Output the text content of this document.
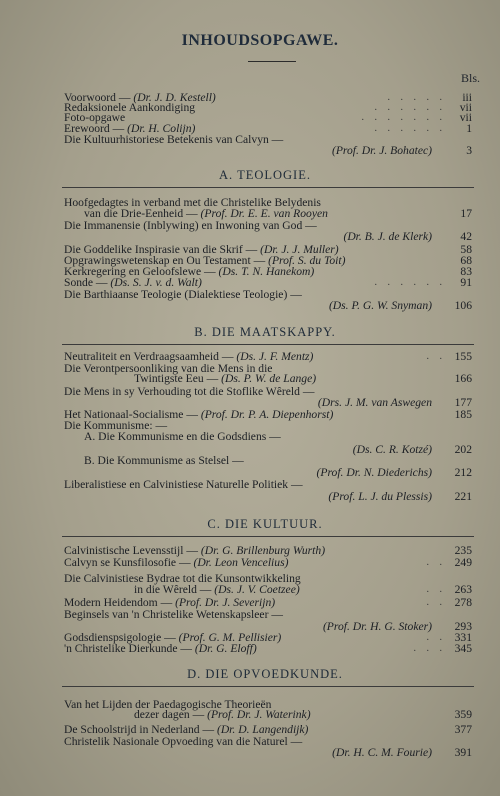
INHOUDSOPGAWE.
Bls.
Voorwoord — (Dr. J. D. Kestell)	. . . . .	iii
Redaksionele Aankondiging	. . . . . .	vii
Foto-opgawe	. . . . . . .	vii
Erewoord — (Dr. H. Colijn)	. . . . . .	1
Die Kultuurhistoriese Betekenis van Calvyn —
(Prof. Dr. J. Bohatec)	3
A. TEOLOGIE.
Hoofgedagtes in verband met die Christelike Belydenis
van die Drie-Eenheid — (Prof. Dr. E. E. van Rooyen	17
Die Immanensie (Inblywing) en Inwoning van God —
(Dr. B. J. de Klerk)	42
Die Goddelike Inspirasie van die Skrif — (Dr. J. J. Muller)	58
Opgrawingswetenskap en Ou Testament — (Prof. S. du Toit)	68
Kerkregering en Geloofslewe — (Ds. T. N. Hanekom)	83
Sonde — (Ds. S. J. v. d. Walt)	. . . . . .	91
Die Barthiaanse Teologie (Dialektiese Teologie) —
(Ds. P. G. W. Snyman)	106
B. DIE MAATSKAPPY.
Neutraliteit en Verdraagsaamheid — (Ds. J. F. Mentz)	. . 155
Die Verontpersoonliking van die Mens in die
Twintigste Eeu — (Ds. P. W. de Lange)	166
Die Mens in sy Verhouding tot die Stoflike Wêreld —
(Drs. J. M. van Aswegen	177
Het Nationaal-Socialisme — (Prof. Dr. P. A. Diepenhorst)	185
Die Kommunisme: —
A. Die Kommunisme en die Godsdiens —
(Ds. C. R. Kotzé)	202
B. Die Kommunisme as Stelsel —
(Prof. Dr. N. Diederichs)	212
Liberalistiese en Calvinistiese Naturelle Politiek —
(Prof. L. J. du Plessis)	221
C. DIE KULTUUR.
Calvinistische Levensstijl — (Dr. G. Brillenburg Wurth)	235
Calvyn se Kunsfilosofie — (Dr. Leon Vencelius)	. . 249
Die Calvinistiese Bydrae tot die Kunsontwikkeling
in die Wêreld — (Ds. J. V. Coetzee)	. . 263
Modern Heidendom — (Prof. Dr. J. Severijn)	. . 278
Beginsels van 'n Christelike Wetenskapsleer —
(Prof. Dr. H. G. Stoker)	293
Godsdienspsigologie — (Prof. G. M. Pellisier)	. . 331
'n Christelike Dierkunde — (Dr. G. Eloff)	. . . 345
D. DIE OPVOEDKUNDE.
Van het Lijden der Paedagogische Theorieën
dezer dagen — (Prof. Dr. J. Waterink)	359
De Schoolstrijd in Nederland — (Dr. D. Langendijk)	377
Christelik Nasionale Opvoeding van die Naturel —
(Dr. H. C. M. Fourie)	391
